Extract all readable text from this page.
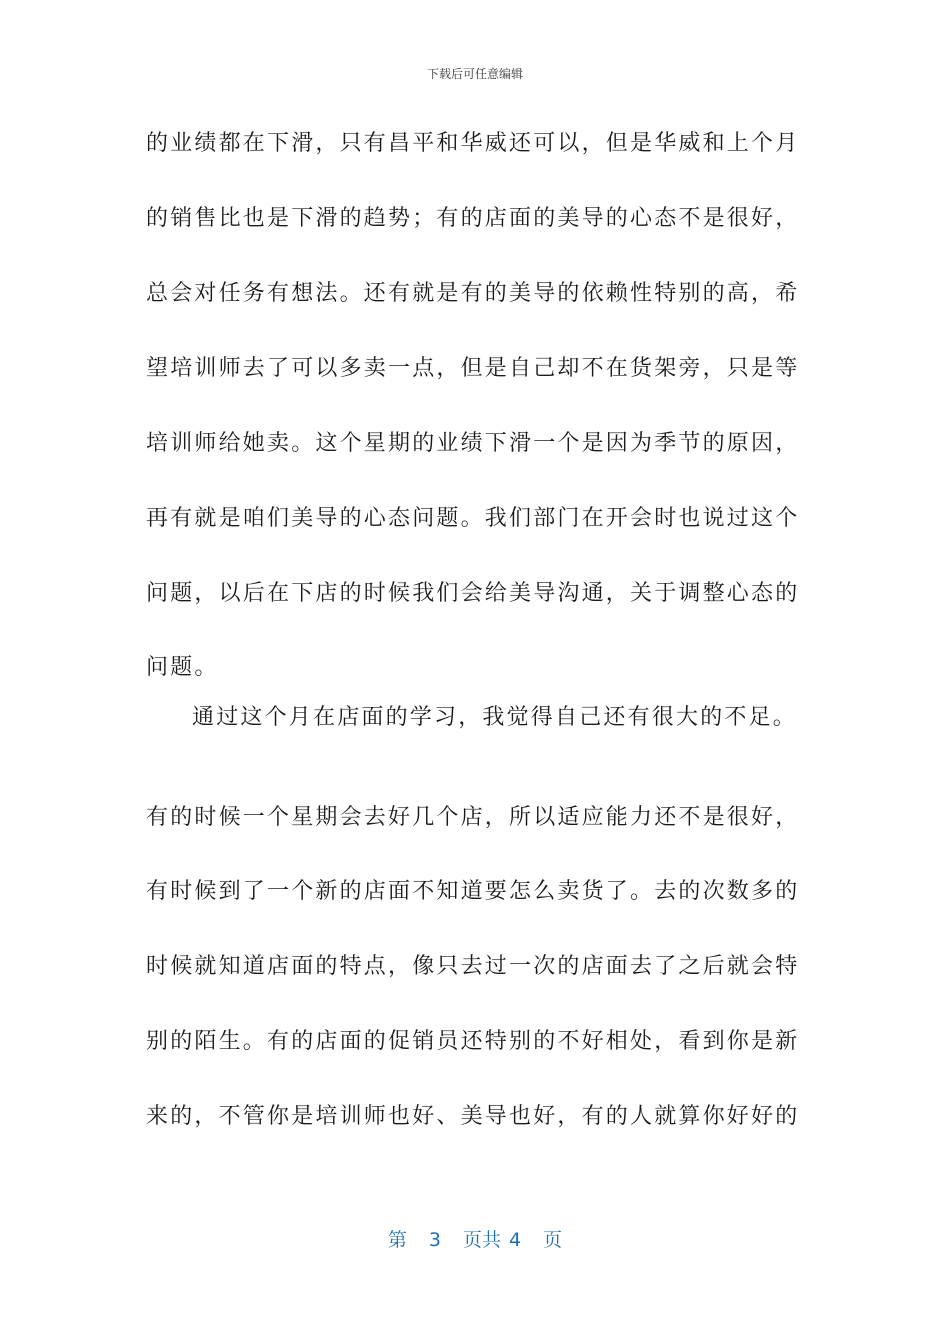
下载后可任意编辑
的业绩都在下滑，只有昌平和华威还可以，但是华威和上个月
的销售比也是下滑的趋势；有的店面的美导的心态不是很好，
总会对任务有想法。还有就是有的美导的依赖性特别的高，希
望培训师去了可以多卖一点，但是自己却不在货架旁，只是等
培训师给她卖。这个星期的业绩下滑一个是因为季节的原因，
再有就是咱们美导的心态问题。我们部门在开会时也说过这个
问题，以后在下店的时候我们会给美导沟通，关于调整心态的
问题。
通过这个月在店面的学习，我觉得自己还有很大的不足。
有的时候一个星期会去好几个店，所以适应能力还不是很好，
有时候到了一个新的店面不知道要怎么卖货了。去的次数多的
时候就知道店面的特点，像只去过一次的店面去了之后就会特
别的陌生。有的店面的促销员还特别的不好相处，看到你是新
来的，不管你是培训师也好、美导也好，有的人就算你好好的
第 3 页共 4 页
